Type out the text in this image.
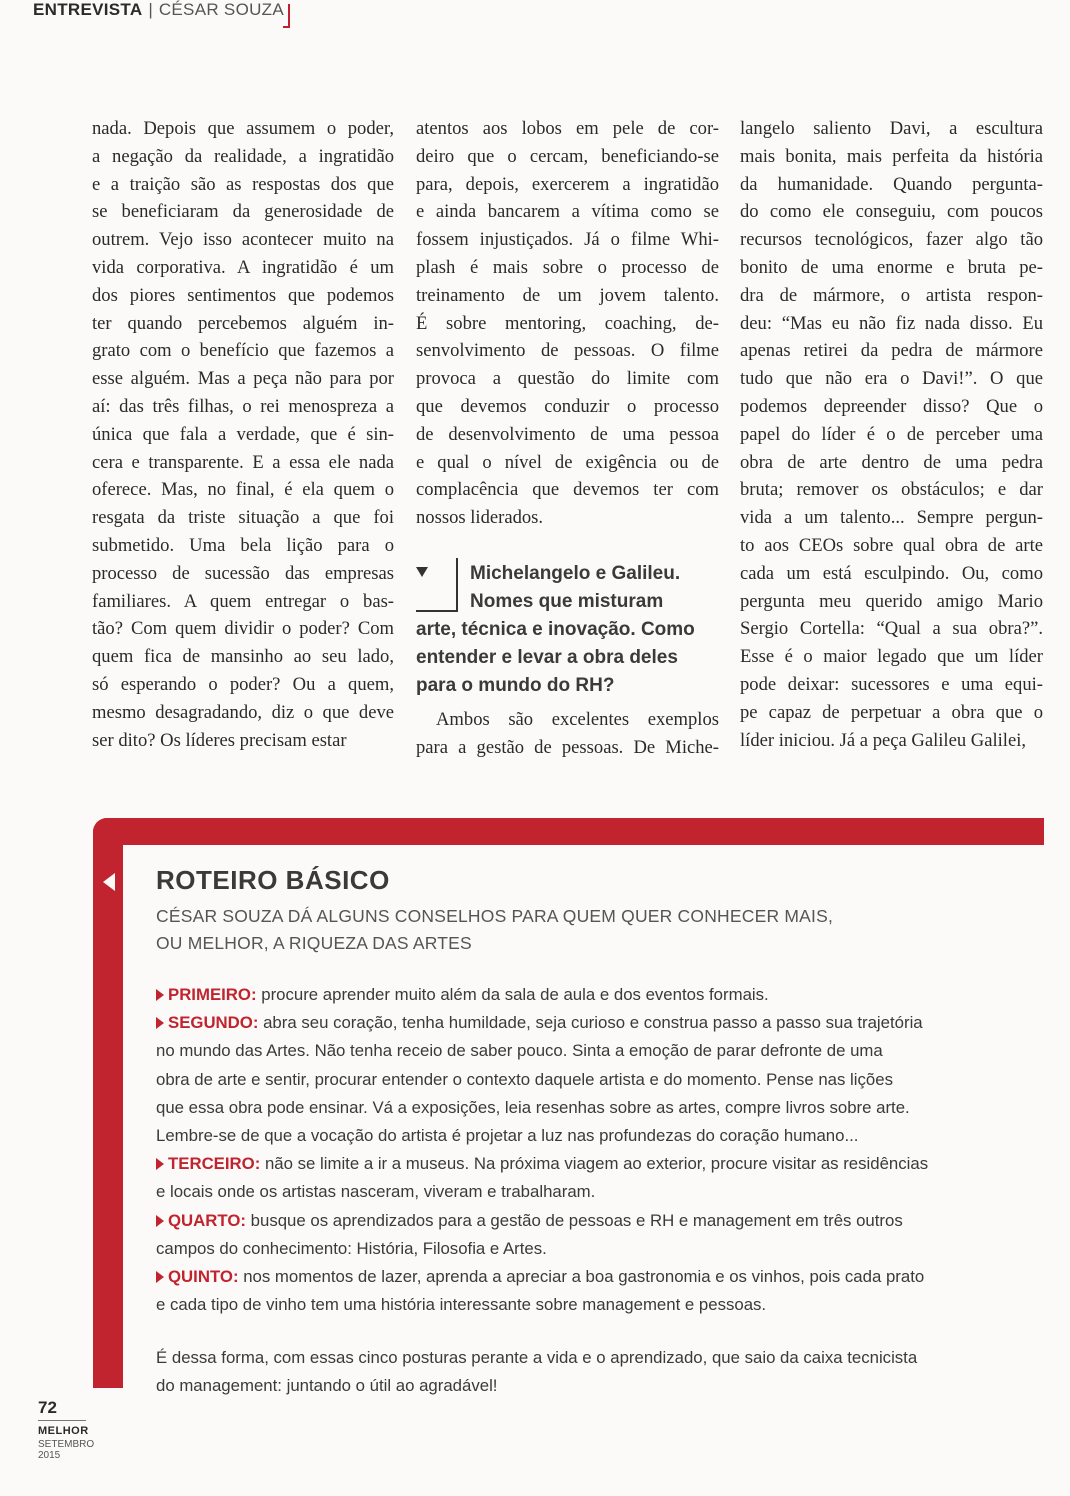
ENTREVISTA | CÉSAR SOUZA
nada. Depois que assumem o poder,
a negação da realidade, a ingratidão
e a traição são as respostas dos que
se beneficiaram da generosidade de
outrem. Vejo isso acontecer muito na
vida corporativa. A ingratidão é um
dos piores sentimentos que podemos
ter quando percebemos alguém in-
grato com o benefício que fazemos a
esse alguém. Mas a peça não para por
aí: das três filhas, o rei menospreza a
única que fala a verdade, que é sin-
cera e transparente. E a essa ele nada
oferece. Mas, no final, é ela quem o
resgata da triste situação a que foi
submetido. Uma bela lição para o
processo de sucessão das empresas
familiares. A quem entregar o bas-
tão? Com quem dividir o poder? Com
quem fica de mansinho ao seu lado,
só esperando o poder? Ou a quem,
mesmo desagradando, diz o que deve
ser dito? Os líderes precisam estar
atentos aos lobos em pele de cor-
deiro que o cercam, beneficiando-se
para, depois, exercerem a ingratidão
e ainda bancarem a vítima como se
fossem injustiçados. Já o filme Whi-
plash é mais sobre o processo de
treinamento de um jovem talento.
É sobre mentoring, coaching, de-
senvolvimento de pessoas. O filme
provoca a questão do limite com
que devemos conduzir o processo
de desenvolvimento de uma pessoa
e qual o nível de exigência ou de
complacência que devemos ter com
nossos liderados.
Michelangelo e Galileu.
Nomes que misturam
arte, técnica e inovação. Como
entender e levar a obra deles
para o mundo do RH?
Ambos são excelentes exemplos
para a gestão de pessoas. De Miche-
langelo saliento Davi, a escultura
mais bonita, mais perfeita da história
da humanidade. Quando perguntа-
do como ele conseguiu, com poucos
recursos tecnológicos, fazer algo tão
bonito de uma enorme e bruta pe-
dra de mármore, o artista respon-
deu: “Mas eu não fiz nada disso. Eu
apenas retirei da pedra de mármore
tudo que não era o Davi!”. O que
podemos depreender disso? Que o
papel do líder é o de perceber uma
obra de arte dentro de uma pedra
bruta; remover os obstáculos; e dar
vida a um talento... Sempre pergun-
to aos CEOs sobre qual obra de arte
cada um está esculpindo. Ou, como
pergunta meu querido amigo Mario
Sergio Cortella: “Qual a sua obra?”.
Esse é o maior legado que um líder
pode deixar: sucessores e uma equi-
pe capaz de perpetuar a obra que o
líder iniciou. Já a peça Galileu Galilei,
ROTEIRO BÁSICO
CÉSAR SOUZA DÁ ALGUNS CONSELHOS PARA QUEM QUER CONHECER MAIS,
OU MELHOR, A RIQUEZA DAS ARTES
PRIMEIRO: procure aprender muito além da sala de aula e dos eventos formais.
SEGUNDO: abra seu coração, tenha humildade, seja curioso e construa passo a passo sua trajetória
no mundo das Artes. Não tenha receio de saber pouco. Sinta a emoção de parar defronte de uma
obra de arte e sentir, procurar entender o contexto daquele artista e do momento. Pense nas lições
que essa obra pode ensinar. Vá a exposições, leia resenhas sobre as artes, compre livros sobre arte.
Lembre-se de que a vocação do artista é projetar a luz nas profundezas do coração humano...
TERCEIRO: não se limite a ir a museus. Na próxima viagem ao exterior, procure visitar as residências
e locais onde os artistas nasceram, viveram e trabalharam.
QUARTO: busque os aprendizados para a gestão de pessoas e RH e management em três outros
campos do conhecimento: História, Filosofia e Artes.
QUINTO: nos momentos de lazer, aprenda a apreciar a boa gastronomia e os vinhos, pois cada prato
e cada tipo de vinho tem uma história interessante sobre management e pessoas.
É dessa forma, com essas cinco posturas perante a vida e o aprendizado, que saio da caixa tecnicista
do management: juntando o útil ao agradável!
72
MELHOR
SETEMBRO
2015
